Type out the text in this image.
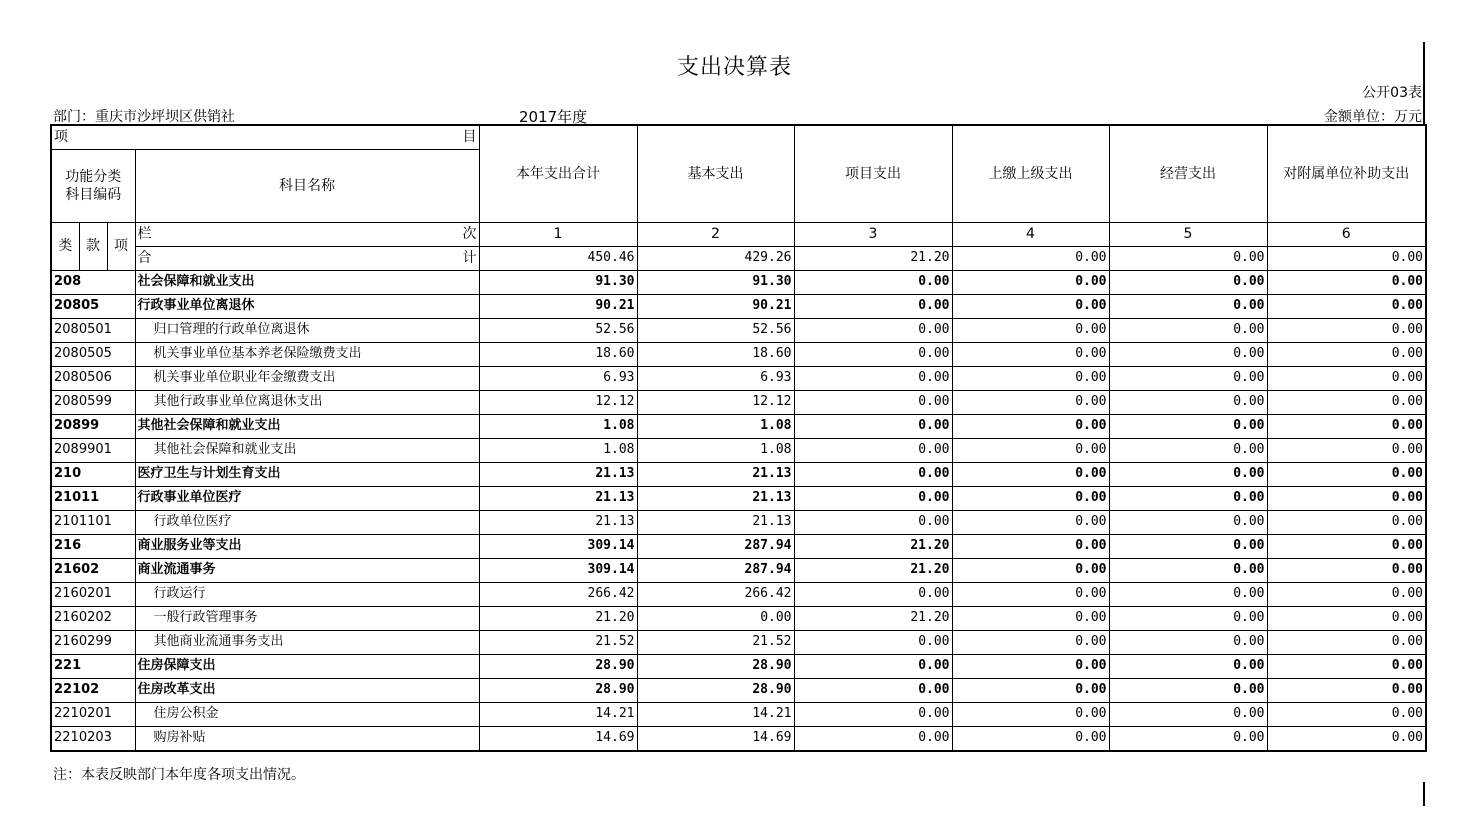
支出决算表
公开03表
部门：重庆市沙坪坝区供销社	2017年度	金额单位：万元
项 目				本年支出合计	基本支出	项目支出	上缴上级支出	经营支出	对附属单位补助支出
功能分类
科目编码			科目名称						
类	款	项	栏 次	1	2	3	4	5	6

			合 计	450.46	429.26	21.20	0.00	0.00	0.00
208			社会保障和就业支出	91.30	91.30	0.00	0.00	0.00	0.00
20805			行政事业单位离退休	90.21	90.21	0.00	0.00	0.00	0.00
2080501			归口管理的行政单位离退休	52.56	52.56	0.00	0.00	0.00	0.00
2080505			机关事业单位基本养老保险缴费支出	18.60	18.60	0.00	0.00	0.00	0.00
2080506			机关事业单位职业年金缴费支出	6.93	6.93	0.00	0.00	0.00	0.00
2080599			其他行政事业单位离退休支出	12.12	12.12	0.00	0.00	0.00	0.00
20899			其他社会保障和就业支出	1.08	1.08	0.00	0.00	0.00	0.00
2089901			其他社会保障和就业支出	1.08	1.08	0.00	0.00	0.00	0.00
210			医疗卫生与计划生育支出	21.13	21.13	0.00	0.00	0.00	0.00
21011			行政事业单位医疗	21.13	21.13	0.00	0.00	0.00	0.00
2101101			行政单位医疗	21.13	21.13	0.00	0.00	0.00	0.00
216			商业服务业等支出	309.14	287.94	21.20	0.00	0.00	0.00
21602			商业流通事务	309.14	287.94	21.20	0.00	0.00	0.00
2160201			行政运行	266.42	266.42	0.00	0.00	0.00	0.00
2160202			一般行政管理事务	21.20	0.00	21.20	0.00	0.00	0.00
2160299			其他商业流通事务支出	21.52	21.52	0.00	0.00	0.00	0.00
221			住房保障支出	28.90	28.90	0.00	0.00	0.00	0.00
22102			住房改革支出	28.90	28.90	0.00	0.00	0.00	0.00
2210201			住房公积金	14.21	14.21	0.00	0.00	0.00	0.00
2210203			购房补贴	14.69	14.69	0.00	0.00	0.00	0.00
注：本表反映部门本年度各项支出情况。
